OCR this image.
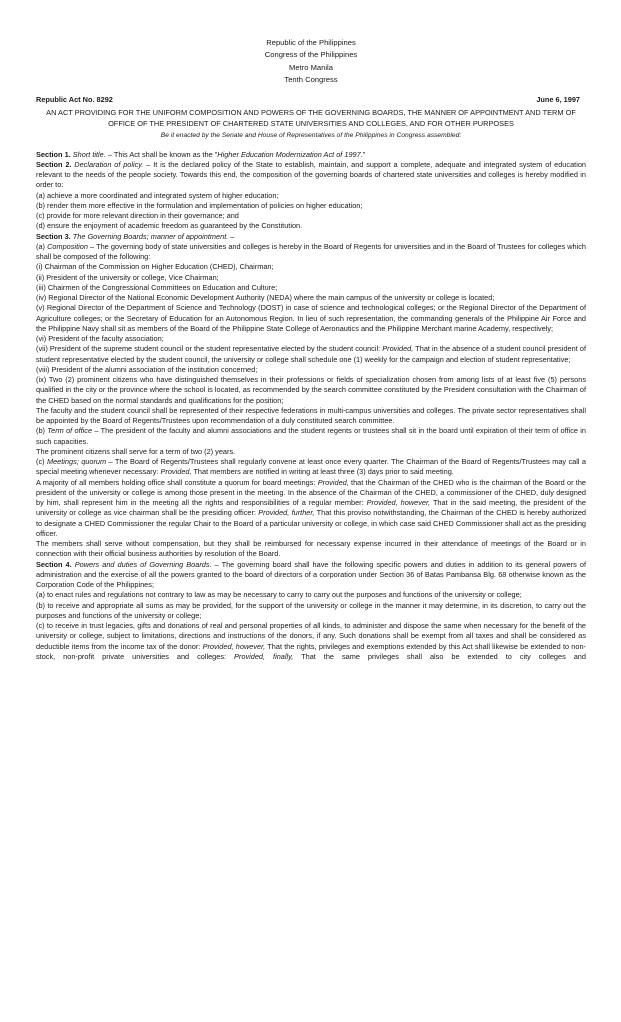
Republic of the Philippines
Congress of the Philippines
Metro Manila
Tenth Congress
Republic Act No. 8292	June 6, 1997
AN ACT PROVIDING FOR THE UNIFORM COMPOSITION AND POWERS OF THE GOVERNING BOARDS, THE MANNER OF APPOINTMENT AND TERM OF OFFICE OF THE PRESIDENT OF CHARTERED STATE UNIVERSITIES AND COLLEGES, AND FOR OTHER PURPOSES
Be it enacted by the Senate and House of Representatives of the Philippines in Congress assembled:

Section 1. Short title. – This Act shall be known as the "Higher Education Modernization Act of 1997."

Section 2. Declaration of policy. – It is the declared policy of the State to establish, maintain, and support a complete, adequate and integrated system of education relevant to the needs of the people society. Towards this end, the composition of the governing boards of chartered state universities and colleges is hereby modified in order to:

(a) achieve a more coordinated and integrated system of higher education;

(b) render them more effective in the formulation and implementation of policies on higher education;

(c) provide for more relevant direction in their governance; and

(d) ensure the enjoyment of academic freedom as guaranteed by the Constitution.

Section 3. The Governing Boards; manner of appointment. –

(a) Composition – The governing body of state universities and colleges is hereby in the Board of Regents for universities and in the Board of Trustees for colleges which shall be composed of the following:

(i) Chairman of the Commission on Higher Education (CHED), Chairman;

(ii) President of the university or college, Vice Chairman;

(iii) Chairmen of the Congressional Committees on Education and Culture;

(iv) Regional Director of the National Economic Development Authority (NEDA) where the main campus of the university or college is located;

(v) Regional Director of the Department of Science and Technology (DOST) in case of science and technological colleges; or the Regional Director of the Department of Agriculture colleges; or the Secretary of Education for an Autonomous Region. In lieu of such representation, the commanding generals of the Philippine Air Force and the Philippine Navy shall sit as members of the Board of the Philippine State College of Aeronautics and the Philippine Merchant marine Academy, respectively;

(vi) President of the faculty association;

(vii) President of the supreme student council or the student representative elected by the student council: Provided, That in the absence of a student council president of student representative elected by the student council, the university or college shall schedule one (1) weekly for the campaign and election of student representative;

(viii) President of the alumni association of the institution concerned;

(ix) Two (2) prominent citizens who have distinguished themselves in their professions or fields of specialization chosen from among lists of at least five (5) persons qualified in the city or the province where the school is located, as recommended by the search committee constituted by the President consultation with the Chairman of the CHED based on the normal standards and qualifications for the position;

The faculty and the student council shall be represented of their respective federations in multi-campus universities and colleges. The private sector representatives shall be appointed by the Board of Regents/Trustees upon recommendation of a duly constituted search committee.

(b) Term of office – The president of the faculty and alumni associations and the student regents or trustees shall sit in the board until expiration of their term of office in such capacities.

The prominent citizens shall serve for a term of two (2) years.

(c) Meetings; quorum – The Board of Regents/Trustees shall regularly convene at least once every quarter. The Chairman of the Board of Regents/Trustees may call a special meeting whenever necessary: Provided, That members are notified in writing at least three (3) days prior to said meeting.

A majority of all members holding office shall constitute a quorum for board meetings: Provided, that the Chairman of the CHED who is the chairman of the Board or the president of the university or college is among those present in the meeting. In the absence of the Chairman of the CHED, a commissioner of the CHED, duly designed by him, shall represent him in the meeting all the rights and responsibilities of a regular member: Provided, however, That in the said meeting, the president of the university or college as vice chairman shall be the presiding officer: Provided, further, That this proviso notwithstanding, the Chairman of the CHED is hereby authorized to designate a CHED Commissioner the regular Chair to the Board of a particular university or college, in which case said CHED Commissioner shall act as the presiding officer.

The members shall serve without compensation, but they shall be reimbursed for necessary expense incurred in their attendance of meetings of the Board or in connection with their official business authorities by resolution of the Board.

Section 4. Powers and duties of Governing Boards. – The governing board shall have the following specific powers and duties in addition to its general powers of administration and the exercise of all the powers granted to the board of directors of a corporation under Section 36 of Batas Pambansa Blg. 68 otherwise known as the Corporation Code of the Philippines;

(a) to enact rules and regulations not contrary to law as may be necessary to carry to carry out the purposes and functions of the university or college;

(b) to receive and appropriate all sums as may be provided, for the support of the university or college in the manner it may determine, in its discretion, to carry out the purposes and functions of the university or college;

(c) to receive in trust legacies, gifts and donations of real and personal properties of all kinds, to administer and dispose the same when necessary for the benefit of the university or college, subject to limitations, directions and instructions of the donors, if any. Such donations shall be exempt from all taxes and shall be considered as deductible items from the income tax of the donor: Provided, however, That the rights, privileges and exemptions extended by this Act shall likewise be extended to non-stock, non-profit private universities and colleges: Provided, finally, That the same privileges shall also be extended to city colleges and
